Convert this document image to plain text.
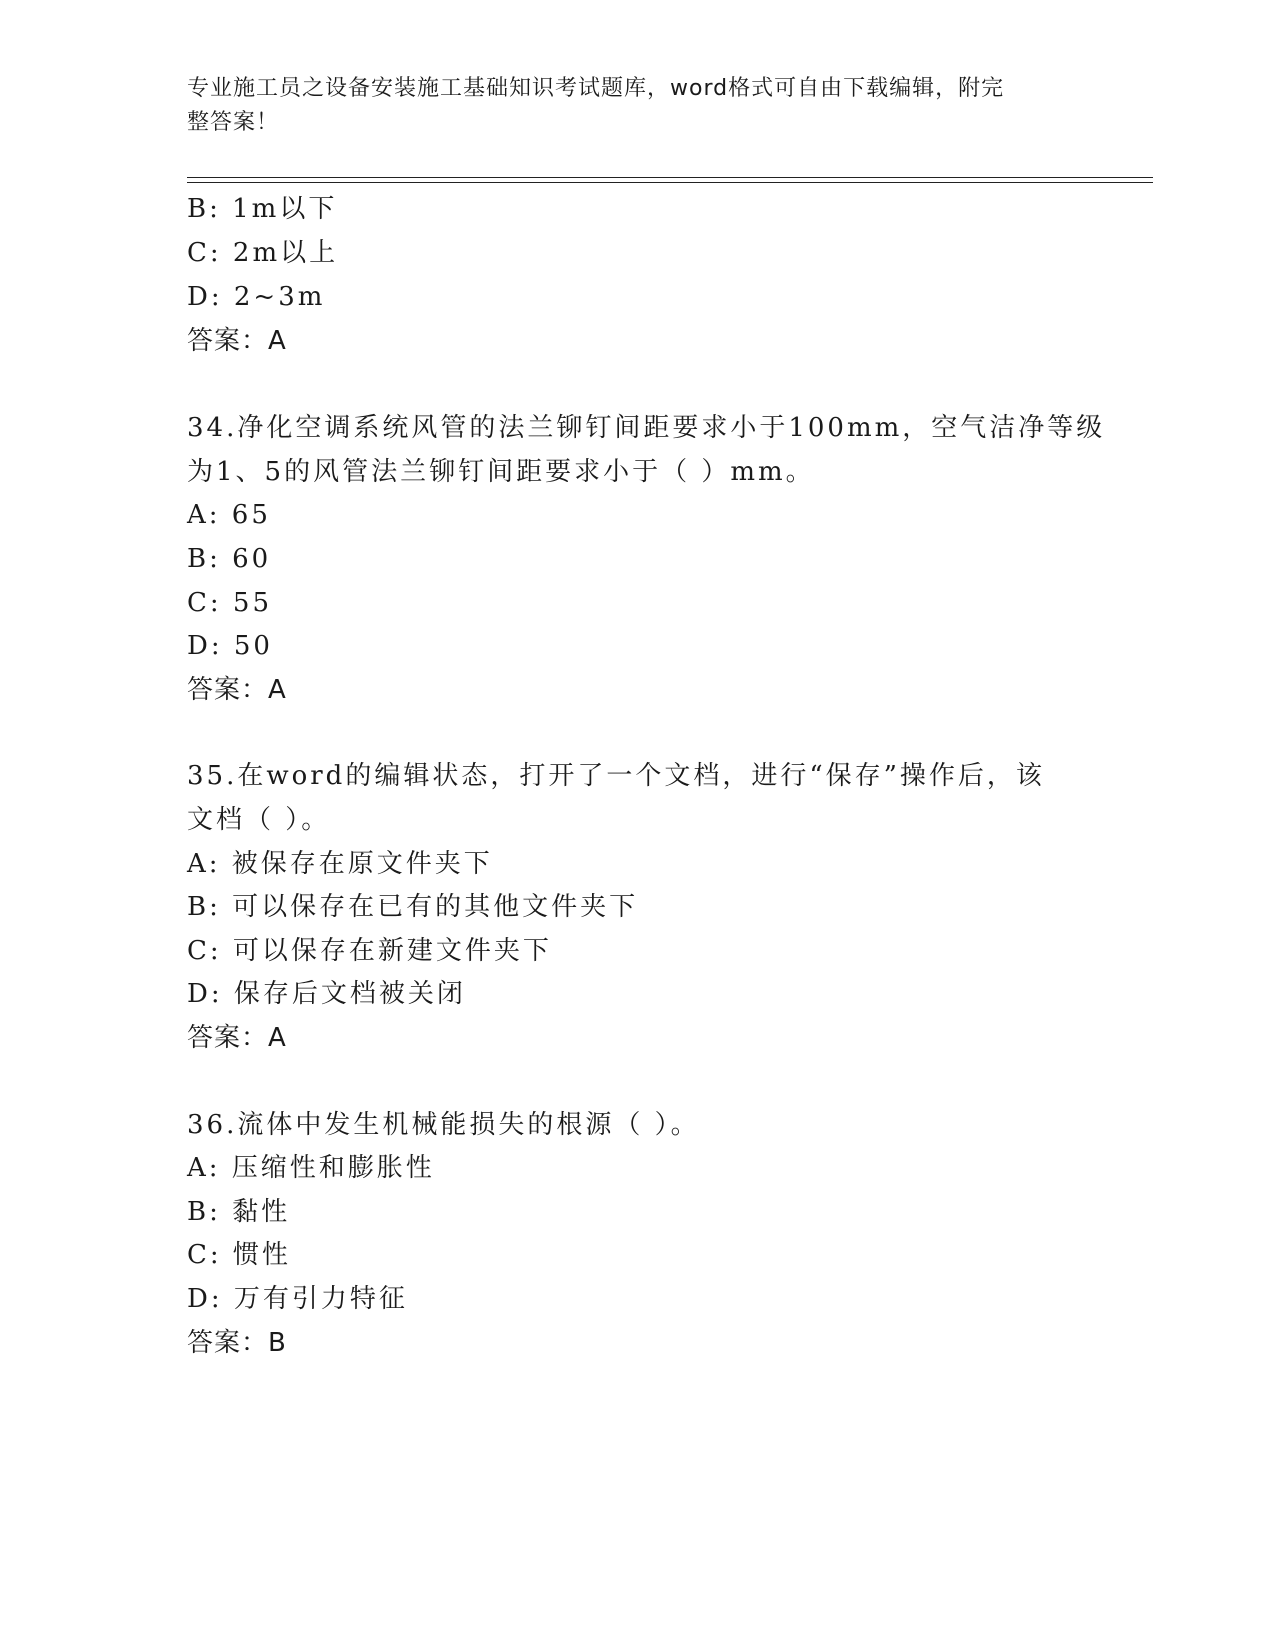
专业施工员之设备安装施工基础知识考试题库，word格式可自由下载编辑，附完
整答案！
B: 1m以下
C: 2m以上
D: 2~3m
答案：A
34.净化空调系统风管的法兰铆钉间距要求小于100mm，空气洁净等级
为1、5的风管法兰铆钉间距要求小于（ ）mm。
A: 65
B: 60
C: 55
D: 50
答案：A
35.在word的编辑状态，打开了一个文档，进行“保存”操作后，该
文档（ ）。
A: 被保存在原文件夹下
B: 可以保存在已有的其他文件夹下
C: 可以保存在新建文件夹下
D: 保存后文档被关闭
答案：A
36.流体中发生机械能损失的根源（ ）。
A: 压缩性和膨胀性
B: 黏性
C: 惯性
D: 万有引力特征
答案：B
